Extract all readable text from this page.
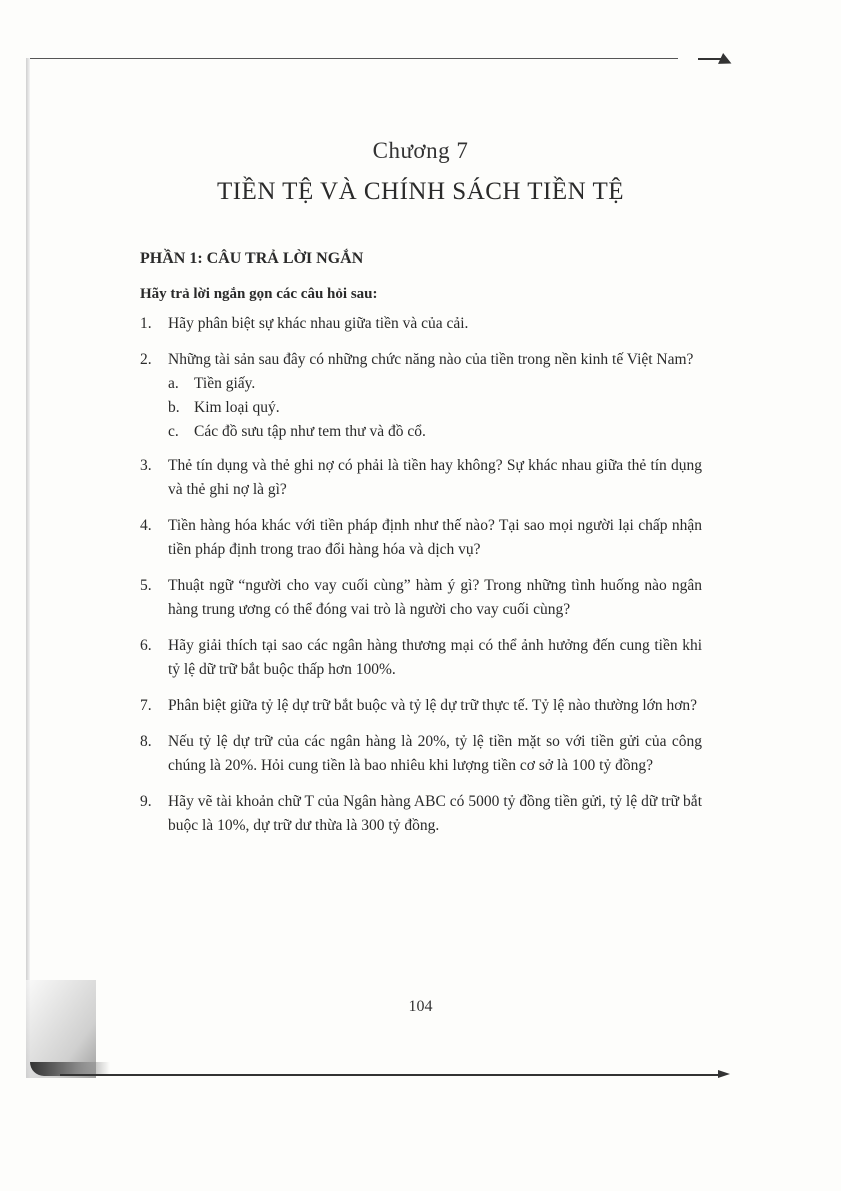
Chương 7
TIỀN TỆ VÀ CHÍNH SÁCH TIỀN TỆ
PHẦN 1: CÂU TRẢ LỜI NGẮN
Hãy trả lời ngắn gọn các câu hỏi sau:
1. Hãy phân biệt sự khác nhau giữa tiền và của cải.
2. Những tài sản sau đây có những chức năng nào của tiền trong nền kinh tế Việt Nam?
a. Tiền giấy.
b. Kim loại quý.
c. Các đồ sưu tập như tem thư và đồ cổ.
3. Thẻ tín dụng và thẻ ghi nợ có phải là tiền hay không? Sự khác nhau giữa thẻ tín dụng và thẻ ghi nợ là gì?
4. Tiền hàng hóa khác với tiền pháp định như thế nào? Tại sao mọi người lại chấp nhận tiền pháp định trong trao đổi hàng hóa và dịch vụ?
5. Thuật ngữ “người cho vay cuối cùng” hàm ý gì? Trong những tình huống nào ngân hàng trung ương có thể đóng vai trò là người cho vay cuối cùng?
6. Hãy giải thích tại sao các ngân hàng thương mại có thể ảnh hưởng đến cung tiền khi tỷ lệ dữ trữ bắt buộc thấp hơn 100%.
7. Phân biệt giữa tỷ lệ dự trữ bắt buộc và tỷ lệ dự trữ thực tế. Tỷ lệ nào thường lớn hơn?
8. Nếu tỷ lệ dự trữ của các ngân hàng là 20%, tỷ lệ tiền mặt so với tiền gửi của công chúng là 20%. Hỏi cung tiền là bao nhiêu khi lượng tiền cơ sở là 100 tỷ đồng?
9. Hãy vẽ tài khoản chữ T của Ngân hàng ABC có 5000 tỷ đồng tiền gửi, tỷ lệ dữ trữ bắt buộc là 10%, dự trữ dư thừa là 300 tỷ đồng.
104
